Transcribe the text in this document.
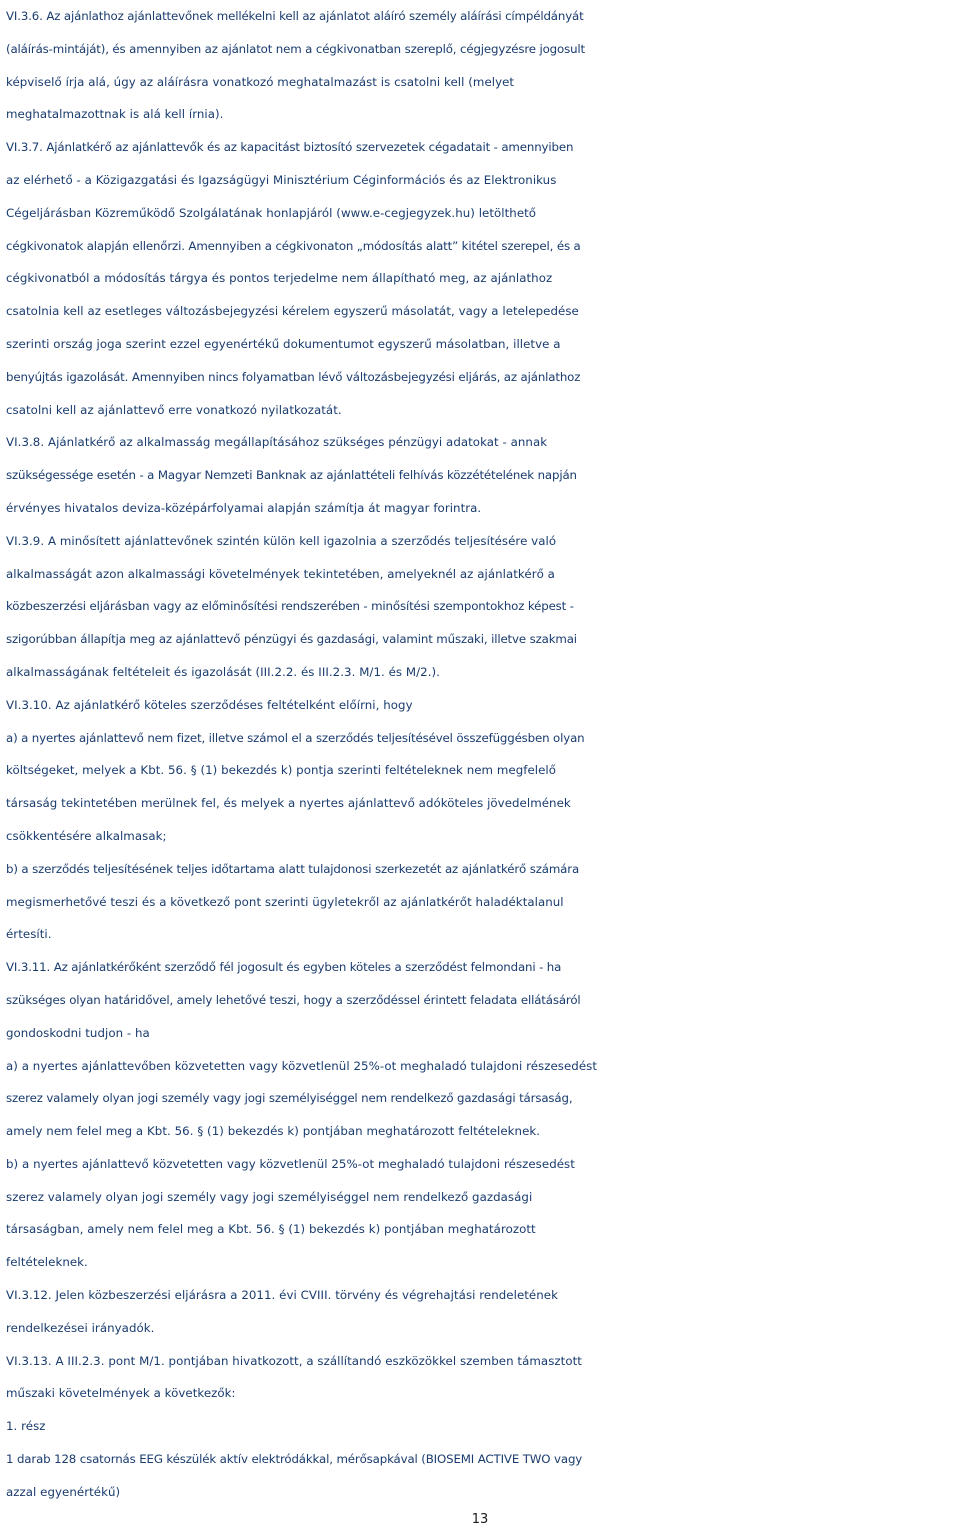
VI.3.6. Az ajánlathoz ajánlattevőnek mellékelni kell az ajánlatot aláíró személy aláírási címpéldányát
(aláírás-mintáját), és amennyiben az ajánlatot nem a cégkivonatban szereplő, cégjegyzésre jogosult
képviselő írja alá, úgy az aláírásra vonatkozó meghatalmazást is csatolni kell (melyet
meghatalmazottnak is alá kell írnia).
VI.3.7. Ajánlatkérő az ajánlattevők és az kapacitást biztosító szervezetek cégadatait - amennyiben
az elérhető - a Közigazgatási és Igazságügyi Minisztérium Céginformációs és az Elektronikus
Cégeljárásban Közreműködő Szolgálatának honlapjáról (www.e-cegjegyzek.hu) letölthető
cégkivonatok alapján ellenőrzi. Amennyiben a cégkivonaton „módosítás alatt” kitétel szerepel, és a
cégkivonatból a módosítás tárgya és pontos terjedelme nem állapítható meg, az ajánlathoz
csatolnia kell az esetleges változásbejegyzési kérelem egyszerű másolatát, vagy a letelepedése
szerinti ország joga szerint ezzel egyenértékű dokumentumot egyszerű másolatban, illetve a
benyújtás igazolását. Amennyiben nincs folyamatban lévő változásbejegyzési eljárás, az ajánlathoz
csatolni kell az ajánlattevő erre vonatkozó nyilatkozatát.
VI.3.8. Ajánlatkérő az alkalmasság megállapításához szükséges pénzügyi adatokat - annak
szükségessége esetén - a Magyar Nemzeti Banknak az ajánlattételi felhívás közzétételének napján
érvényes hivatalos deviza-középárfolyamai alapján számítja át magyar forintra.
VI.3.9. A minősített ajánlattevőnek szintén külön kell igazolnia a szerződés teljesítésére való
alkalmasságát azon alkalmassági követelmények tekintetében, amelyeknél az ajánlatkérő a
közbeszerzési eljárásban vagy az előminősítési rendszerében - minősítési szempontokhoz képest -
szigorúbban állapítja meg az ajánlattevő pénzügyi és gazdasági, valamint műszaki, illetve szakmai
alkalmasságának feltételeit és igazolását (III.2.2. és III.2.3. M/1. és M/2.).
VI.3.10. Az ajánlatkérő köteles szerződéses feltételként előírni, hogy
a) a nyertes ajánlattevő nem fizet, illetve számol el a szerződés teljesítésével összefüggésben olyan
költségeket, melyek a Kbt. 56. § (1) bekezdés k) pontja szerinti feltételeknek nem megfelelő
társaság tekintetében merülnek fel, és melyek a nyertes ajánlattevő adóköteles jövedelmének
csökkentésére alkalmasak;
b) a szerződés teljesítésének teljes időtartama alatt tulajdonosi szerkezetét az ajánlatkérő számára
megismerhetővé teszi és a következő pont szerinti ügyletekről az ajánlatkérőt haladéktalanul
értesíti.
VI.3.11. Az ajánlatkérőként szerződő fél jogosult és egyben köteles a szerződést felmondani - ha
szükséges olyan határidővel, amely lehetővé teszi, hogy a szerződéssel érintett feladata ellátásáról
gondoskodni tudjon - ha
a) a nyertes ajánlattevőben közvetetten vagy közvetlenül 25%-ot meghaladó tulajdoni részesedést
szerez valamely olyan jogi személy vagy jogi személyiséggel nem rendelkező gazdasági társaság,
amely nem felel meg a Kbt. 56. § (1) bekezdés k) pontjában meghatározott feltételeknek.
b) a nyertes ajánlattevő közvetetten vagy közvetlenül 25%-ot meghaladó tulajdoni részesedést
szerez valamely olyan jogi személy vagy jogi személyiséggel nem rendelkező gazdasági
társaságban, amely nem felel meg a Kbt. 56. § (1) bekezdés k) pontjában meghatározott
feltételeknek.
VI.3.12. Jelen közbeszerzési eljárásra a 2011. évi CVIII. törvény és végrehajtási rendeletének
rendelkezései irányadók.
VI.3.13. A III.2.3. pont M/1. pontjában hivatkozott, a szállítandó eszközökkel szemben támasztott
műszaki követelmények a következők:
1. rész
1 darab 128 csatornás EEG készülék aktív elektródákkal, mérősapkával (BIOSEMI ACTIVE TWO vagy
azzal egyenértékű)
13
